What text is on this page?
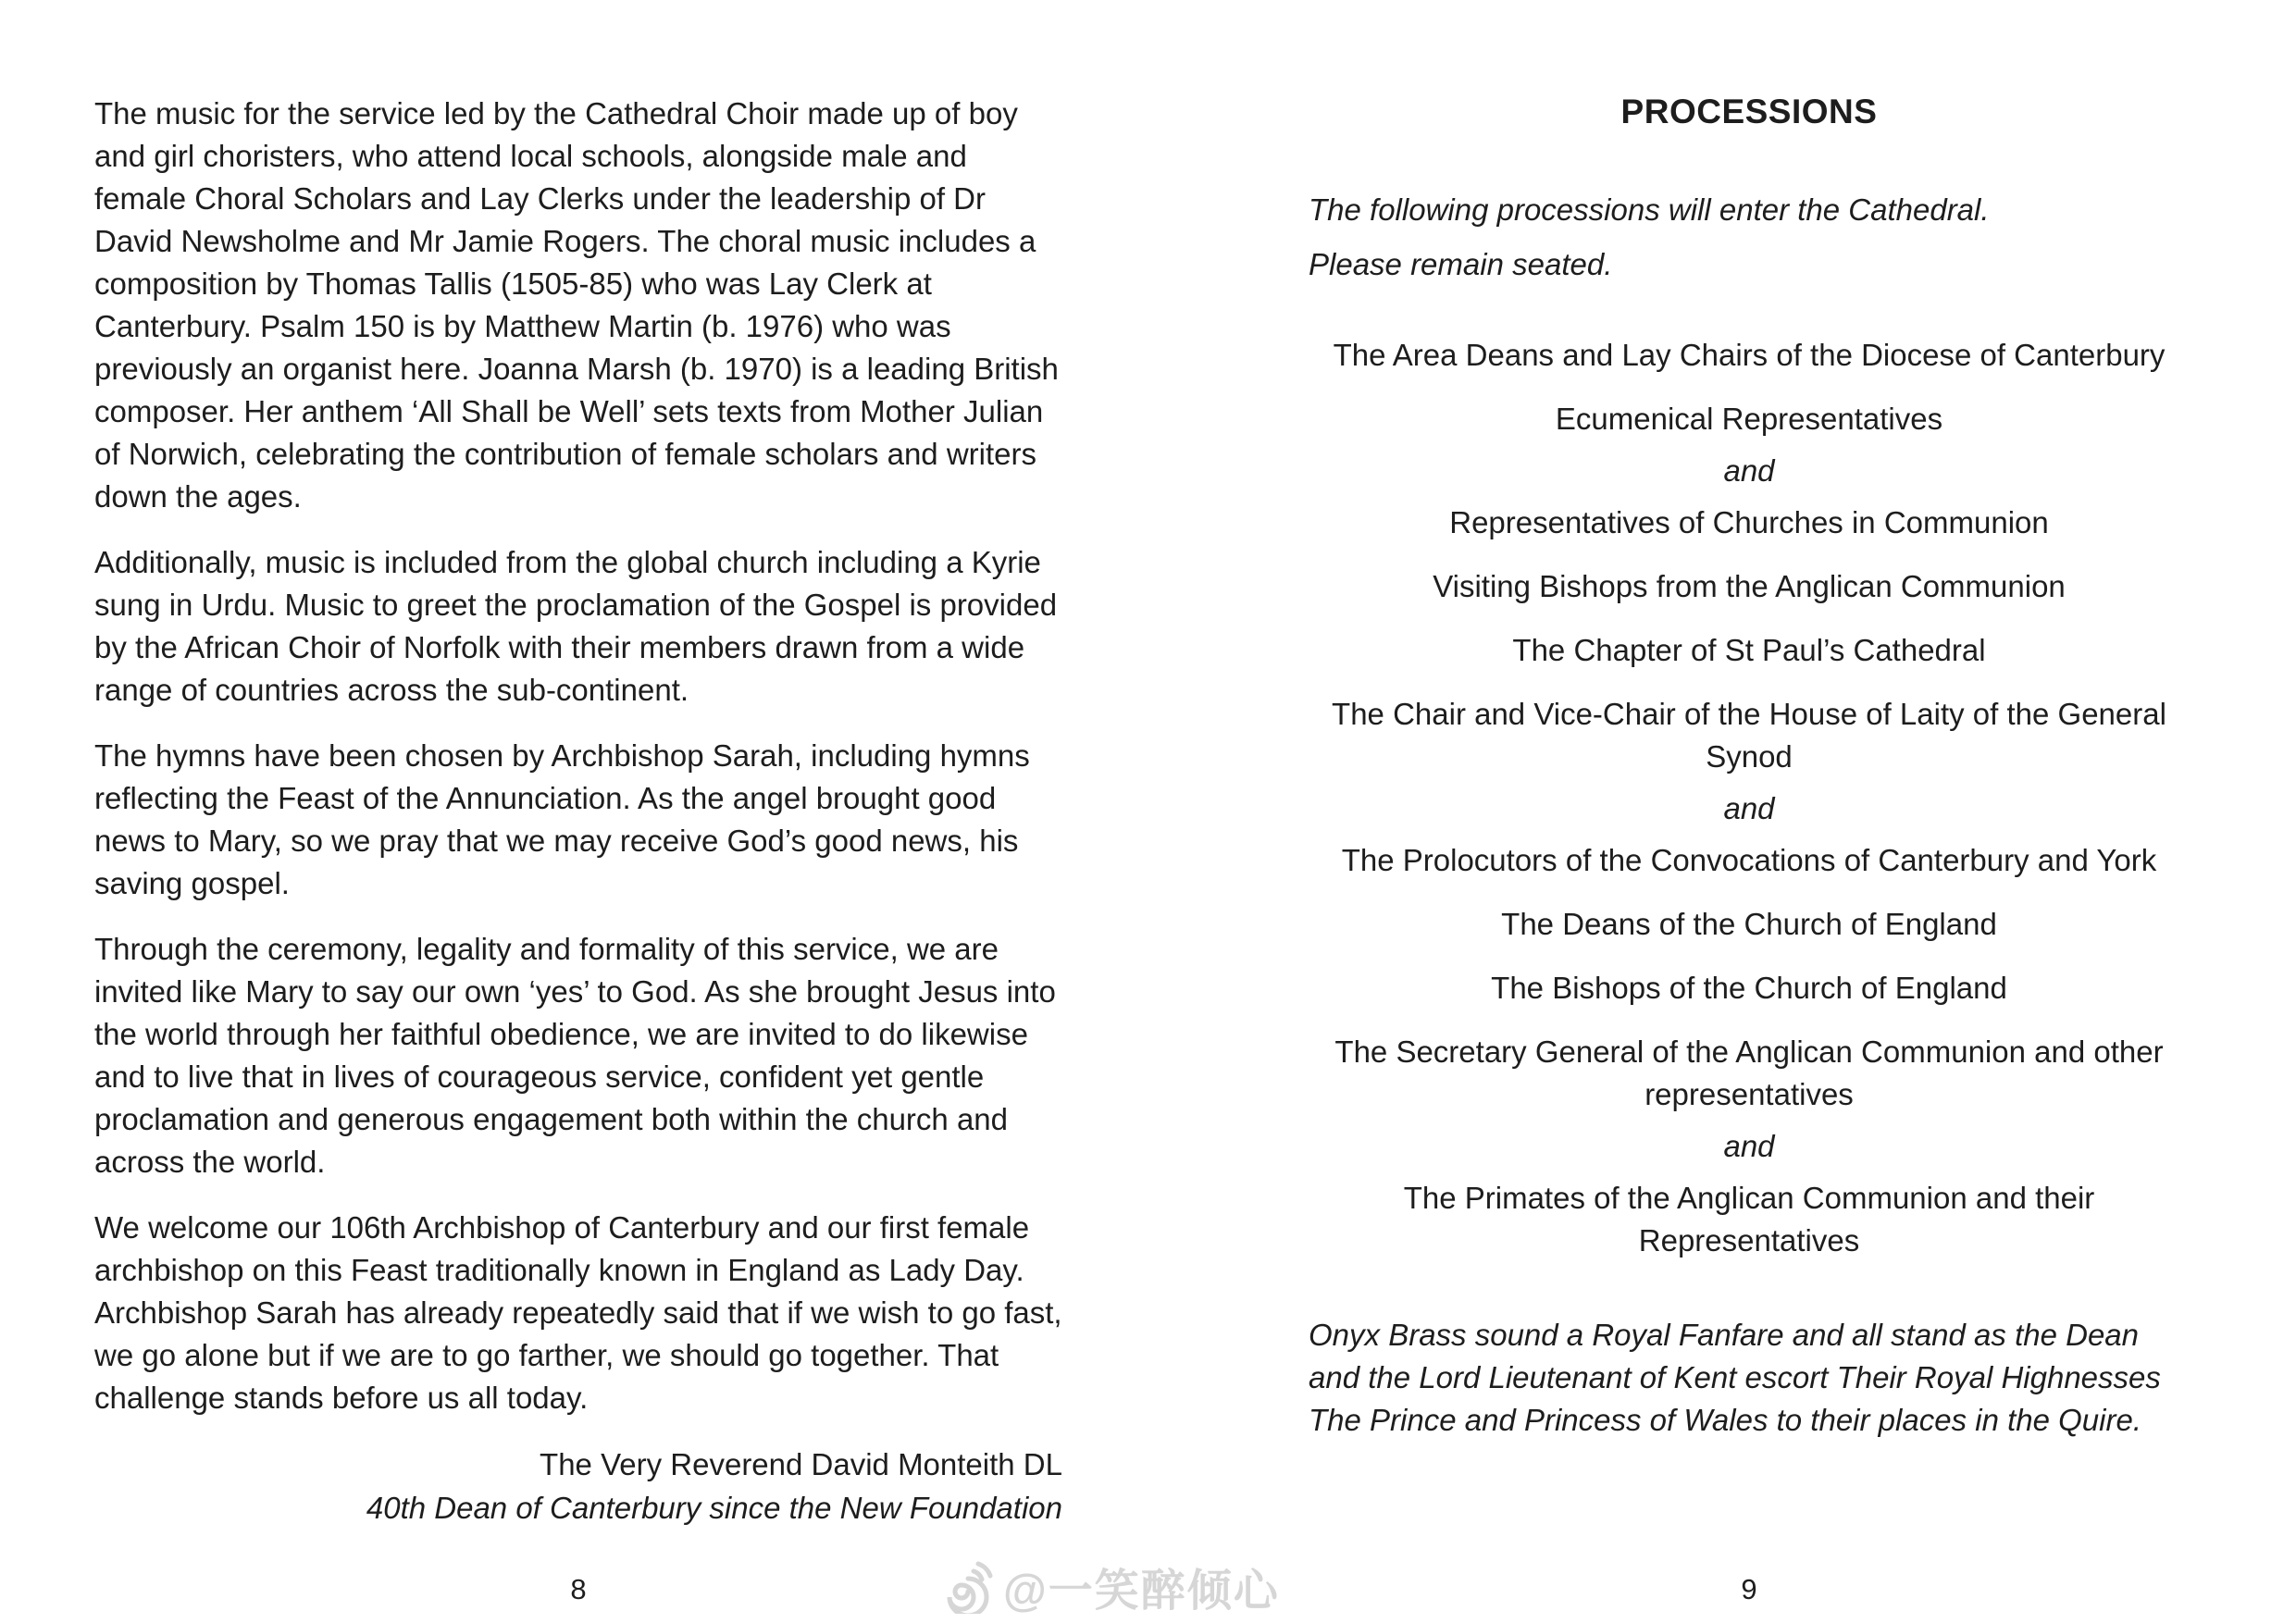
The music for the service led by the Cathedral Choir made up of boy and girl choristers, who attend local schools, alongside male and female Choral Scholars and Lay Clerks under the leadership of Dr David Newsholme and Mr Jamie Rogers. The choral music includes a composition by Thomas Tallis (1505-85) who was Lay Clerk at Canterbury. Psalm 150 is by Matthew Martin (b. 1976) who was previously an organist here. Joanna Marsh (b. 1970) is a leading British composer. Her anthem ‘All Shall be Well’ sets texts from Mother Julian of Norwich, celebrating the contribution of female scholars and writers down the ages.

Additionally, music is included from the global church including a Kyrie sung in Urdu. Music to greet the proclamation of the Gospel is provided by the African Choir of Norfolk with their members drawn from a wide range of countries across the sub-continent.

The hymns have been chosen by Archbishop Sarah, including hymns reflecting the Feast of the Annunciation. As the angel brought good news to Mary, so we pray that we may receive God’s good news, his saving gospel.

Through the ceremony, legality and formality of this service, we are invited like Mary to say our own ‘yes’ to God. As she brought Jesus into the world through her faithful obedience, we are invited to do likewise and to live that in lives of courageous service, confident yet gentle proclamation and generous engagement both within the church and across the world.

We welcome our 106th Archbishop of Canterbury and our first female archbishop on this Feast traditionally known in England as Lady Day. Archbishop Sarah has already repeatedly said that if we wish to go fast, we go alone but if we are to go farther, we should go together. That challenge stands before us all today.

The Very Reverend David Monteith DL
40th Dean of Canterbury since the New Foundation
8
PROCESSIONS

The following processions will enter the Cathedral.

Please remain seated.

The Area Deans and Lay Chairs of the Diocese of Canterbury
Ecumenical Representatives
and
Representatives of Churches in Communion
Visiting Bishops from the Anglican Communion
The Chapter of St Paul’s Cathedral
The Chair and Vice-Chair of the House of Laity of the General Synod
and
The Prolocutors of the Convocations of Canterbury and York
The Deans of the Church of England
The Bishops of the Church of England
The Secretary General of the Anglican Communion and other representatives
and
The Primates of the Anglican Communion and their Representatives

Onyx Brass sound a Royal Fanfare and all stand as the Dean and the Lord Lieutenant of Kent escort Their Royal Highnesses The Prince and Princess of Wales to their places in the Quire.

9
@一笑醉倾心
